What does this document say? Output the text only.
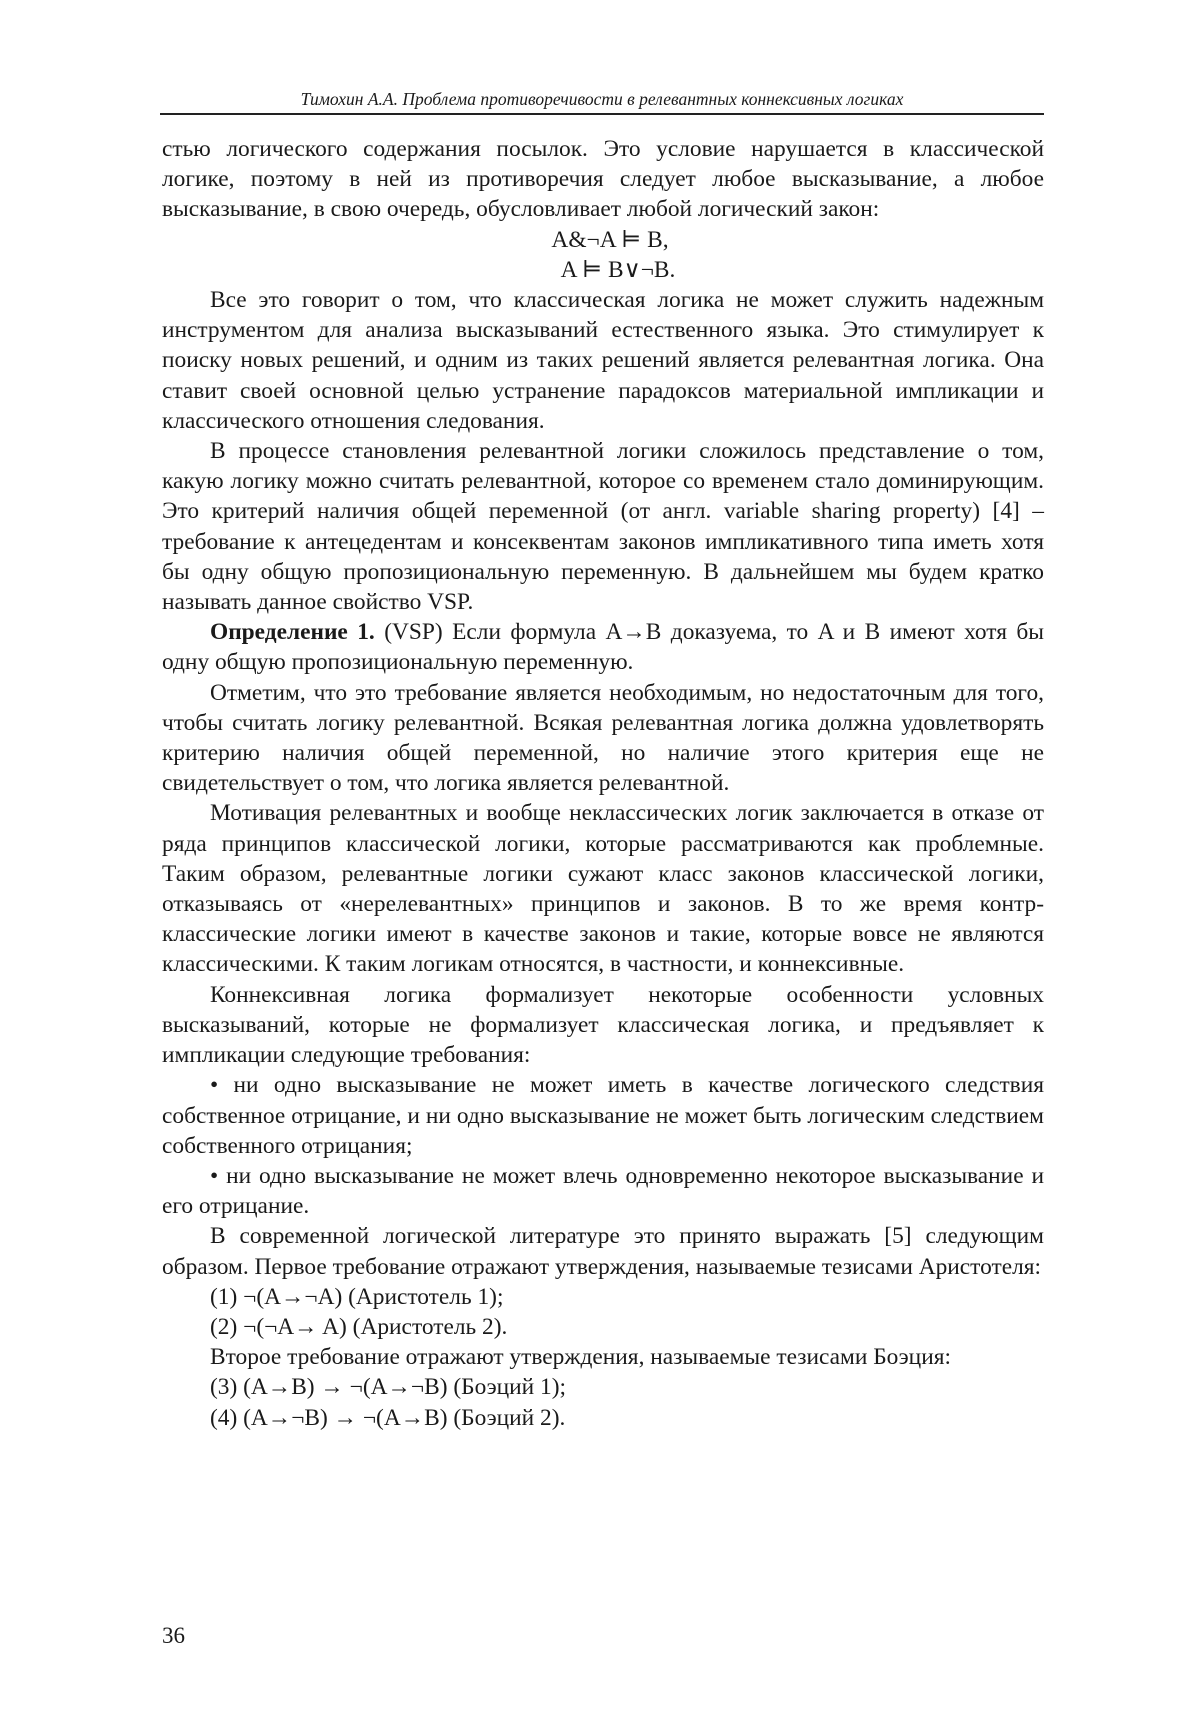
Тимохин А.А. Проблема противоречивости в релевантных коннексивных логиках

стью логического содержания посылок. Это условие нарушается в классической логике, поэтому в ней из противоречия следует любое высказывание, а любое высказывание, в свою очередь, обусловливает любой логический закон:

A&¬A ⊨ B,

A ⊨ B∨¬B.

Все это говорит о том, что классическая логика не может служить надежным инструментом для анализа высказываний естественного языка. Это стимулирует к поиску новых решений, и одним из таких решений является релевантная логика. Она ставит своей основной целью устранение парадоксов материальной импликации и классического отношения следования.

В процессе становления релевантной логики сложилось представление о том, какую логику можно считать релевантной, которое со временем стало доминирующим. Это критерий наличия общей переменной (от англ. variable sharing property) [4] – требование к антецедентам и консеквентам законов импликативного типа иметь хотя бы одну общую пропозициональную переменную. В дальнейшем мы будем кратко называть данное свойство VSP.

Определение 1. (VSP) Если формула A→B доказуема, то A и B имеют хотя бы одну общую пропозициональную переменную.

Отметим, что это требование является необходимым, но недостаточным для того, чтобы считать логику релевантной. Всякая релевантная логика должна удовлетворять критерию наличия общей переменной, но наличие этого критерия еще не свидетельствует о том, что логика является релевантной.

Мотивация релевантных и вообще неклассических логик заключается в отказе от ряда принципов классической логики, которые рассматриваются как проблемные. Таким образом, релевантные логики сужают класс законов классической логики, отказываясь от «нерелевантных» принципов и законов. В то же время контр-классические логики имеют в качестве законов и такие, которые вовсе не являются классическими. К таким логикам относятся, в частности, и коннексивные.

Коннексивная логика формализует некоторые особенности условных высказываний, которые не формализует классическая логика, и предъявляет к импликации следующие требования:

• ни одно высказывание не может иметь в качестве логического следствия собственное отрицание, и ни одно высказывание не может быть логическим следствием собственного отрицания;

• ни одно высказывание не может влечь одновременно некоторое высказывание и его отрицание.

В современной логической литературе это принято выражать [5] следующим образом. Первое требование отражают утверждения, называемые тезисами Аристотеля:

(1) ¬(A→¬A) (Аристотель 1);

(2) ¬(¬A→ A) (Аристотель 2).

Второе требование отражают утверждения, называемые тезисами Боэция:

(3) (A→B) → ¬(A→¬B) (Боэций 1);

(4) (A→¬B) → ¬(A→B) (Боэций 2).

36
